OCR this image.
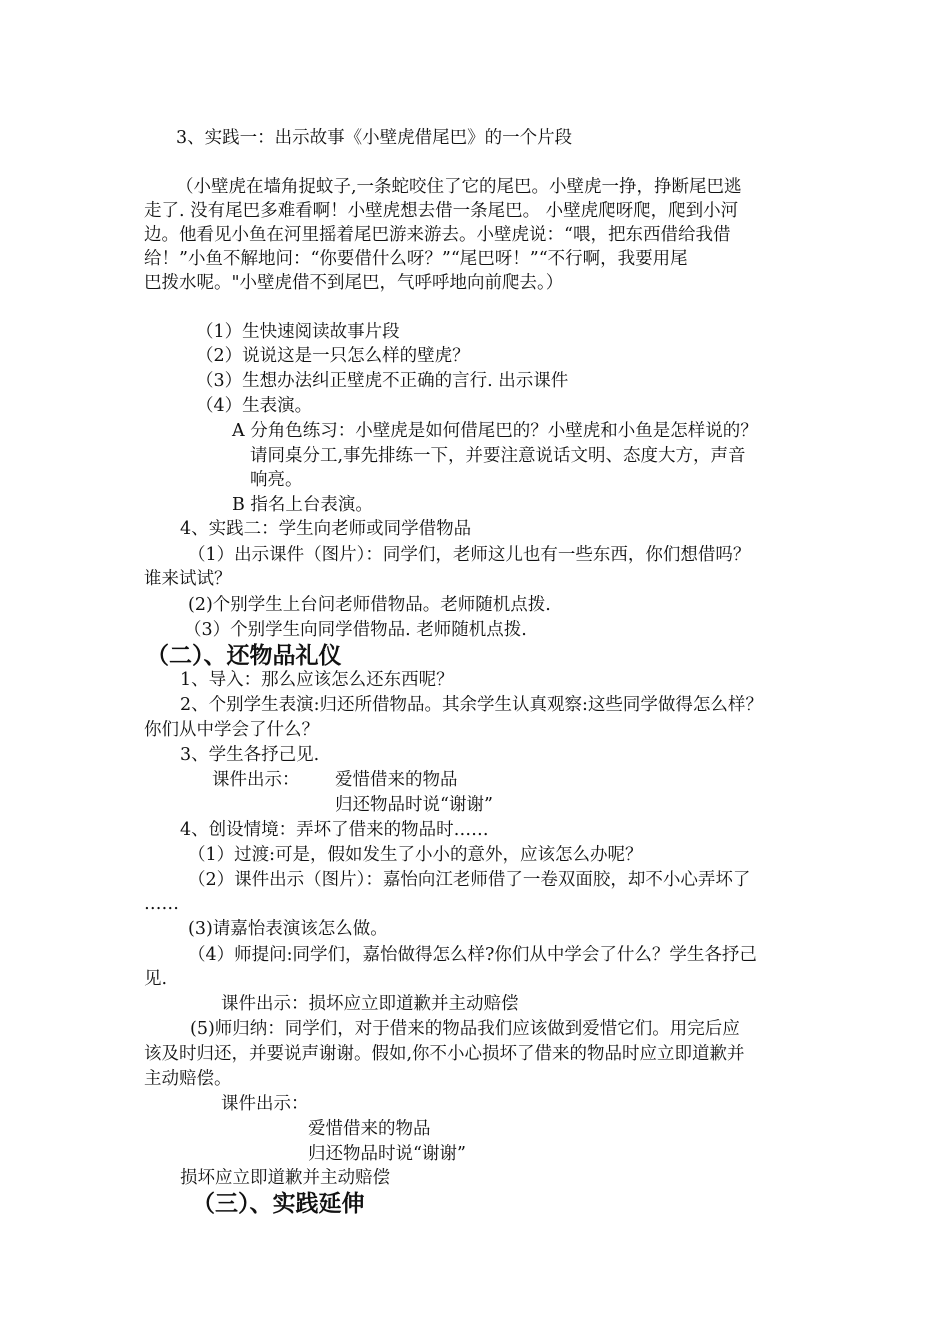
3、实践一：出示故事《小壁虎借尾巴》的一个片段
（小壁虎在墙角捉蚊子,一条蛇咬住了它的尾巴。小壁虎一挣，挣断尾巴逃
走了. 没有尾巴多难看啊！小壁虎想去借一条尾巴。 小壁虎爬呀爬，爬到小河
边。他看见小鱼在河里摇着尾巴游来游去。小壁虎说：“喂，把东西借给我借
给！”小鱼不解地问：“你要借什么呀？”“尾巴呀！”“不行啊，我要用尾
巴拨水呢。"小壁虎借不到尾巴，气呼呼地向前爬去。）
（1）生快速阅读故事片段
（2）说说这是一只怎么样的壁虎？
（3）生想办法纠正壁虎不正确的言行. 出示课件
（4）生表演。
A 分角色练习：小壁虎是如何借尾巴的？小壁虎和小鱼是怎样说的？
请同桌分工,事先排练一下，并要注意说话文明、态度大方，声音
响亮。
B 指名上台表演。
4、实践二：学生向老师或同学借物品
（1）出示课件（图片）：同学们，老师这儿也有一些东西，你们想借吗？
谁来试试？
(2)个别学生上台问老师借物品。老师随机点拨.
（3）个别学生向同学借物品. 老师随机点拨.
（二）、还物品礼仪
1、导入：那么应该怎么还东西呢？
2、个别学生表演:归还所借物品。其余学生认真观察:这些同学做得怎么样？
你们从中学会了什么？
3、学生各抒己见.
课件出示： 爱惜借来的物品
归还物品时说“谢谢”
4、创设情境：弄坏了借来的物品时……
（1）过渡:可是，假如发生了小小的意外，应该怎么办呢？
（2）课件出示（图片）：嘉怡向江老师借了一卷双面胶，却不小心弄坏了
……
(3)请嘉怡表演该怎么做。
（4）师提问:同学们，嘉怡做得怎么样?你们从中学会了什么？学生各抒己
见.
课件出示：损坏应立即道歉并主动赔偿
(5)师归纳：同学们，对于借来的物品我们应该做到爱惜它们。用完后应
该及时归还，并要说声谢谢。假如,你不小心损坏了借来的物品时应立即道歉并
主动赔偿。
课件出示：
爱惜借来的物品
归还物品时说“谢谢”
损坏应立即道歉并主动赔偿
（三）、实践延伸
